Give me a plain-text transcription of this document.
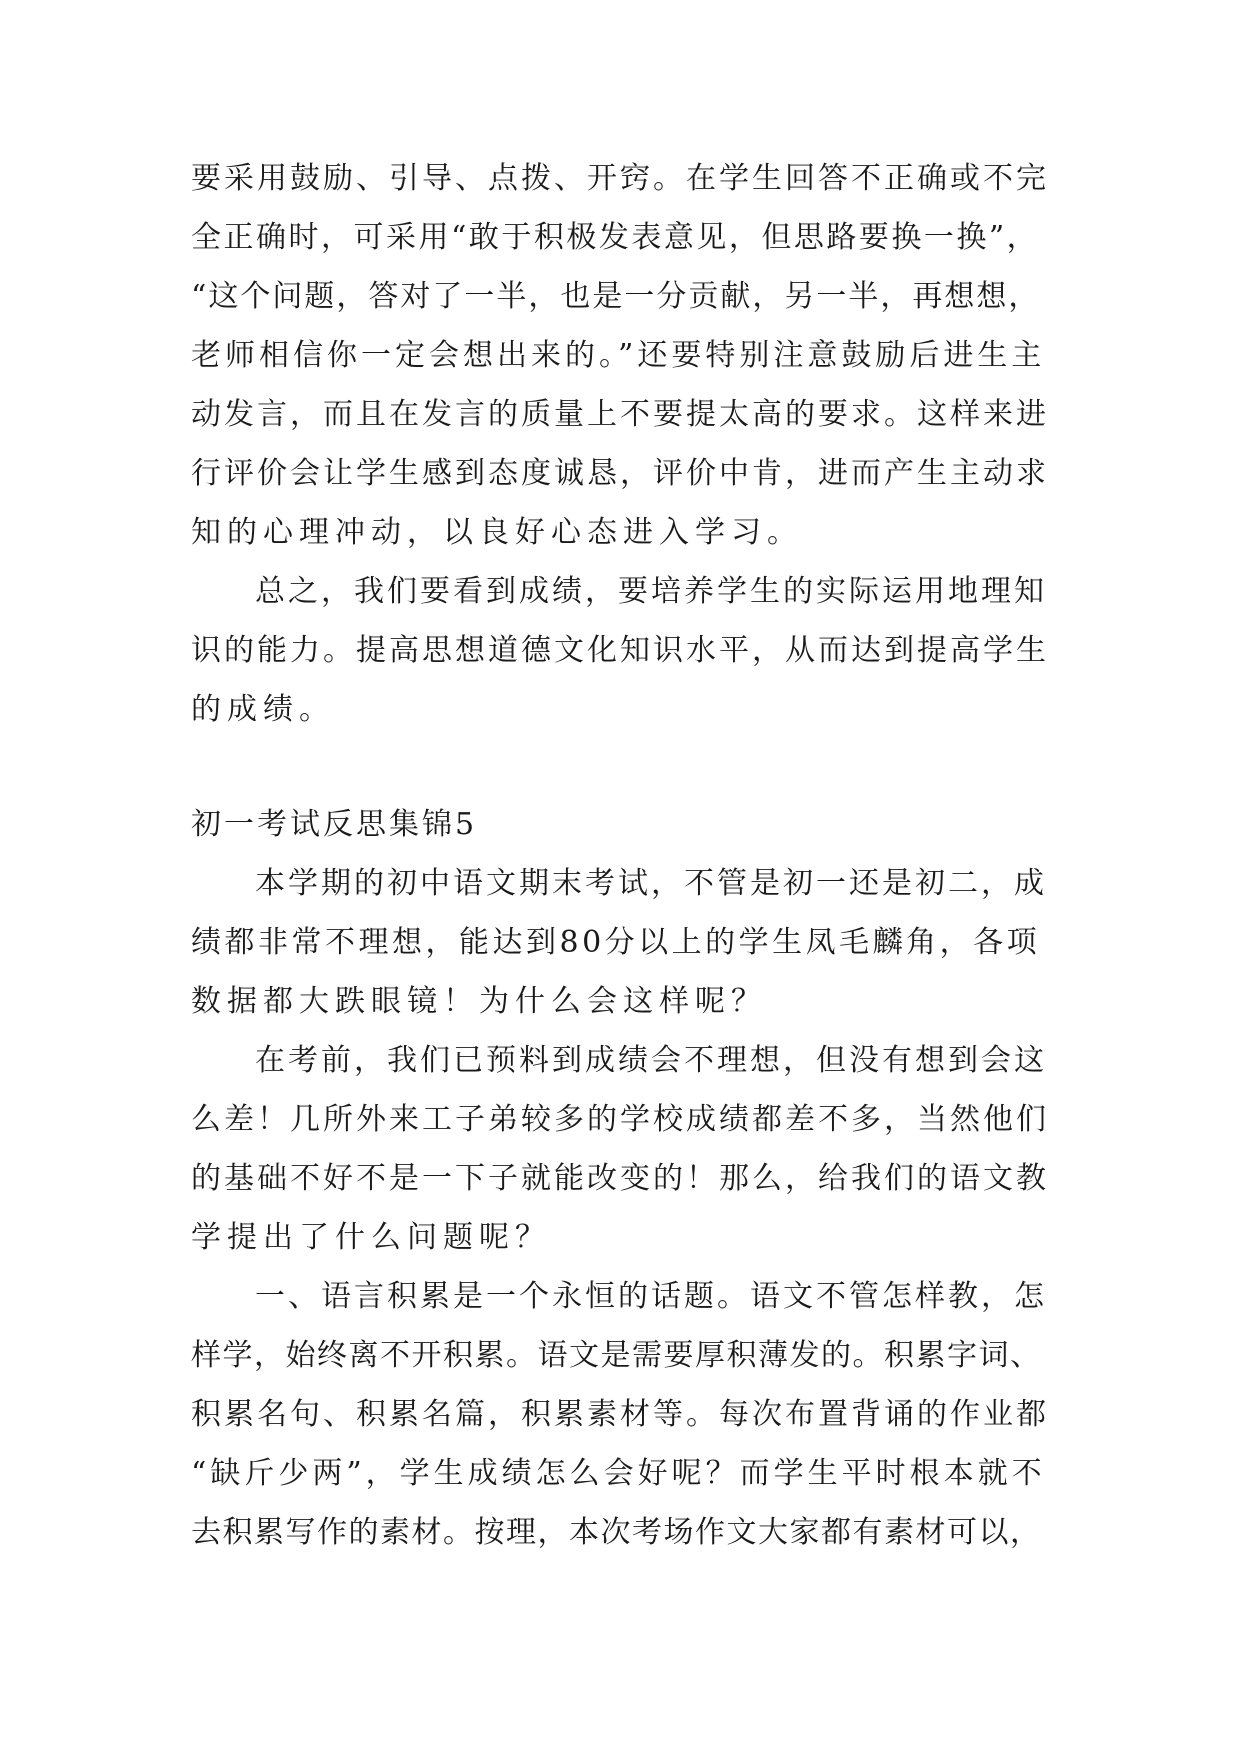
要采用鼓励、引导、点拨、开窍。在学生回答不正确或不完
全正确时，可采用“敢于积极发表意见，但思路要换一换”，
“这个问题，答对了一半，也是一分贡献，另一半，再想想，
老师相信你一定会想出来的。”还要特别注意鼓励后进生主
动发言，而且在发言的质量上不要提太高的要求。这样来进
行评价会让学生感到态度诚恳，评价中肯，进而产生主动求
知的心理冲动，以良好心态进入学习。
总之，我们要看到成绩，要培养学生的实际运用地理知
识的能力。提高思想道德文化知识水平，从而达到提高学生
的成绩。
初一考试反思集锦5
本学期的初中语文期末考试，不管是初一还是初二，成
绩都非常不理想，能达到80分以上的学生凤毛麟角，各项
数据都大跌眼镜！为什么会这样呢？
在考前，我们已预料到成绩会不理想，但没有想到会这
么差！几所外来工子弟较多的学校成绩都差不多，当然他们
的基础不好不是一下子就能改变的！那么，给我们的语文教
学提出了什么问题呢？
一、语言积累是一个永恒的话题。语文不管怎样教，怎
样学，始终离不开积累。语文是需要厚积薄发的。积累字词、
积累名句、积累名篇，积累素材等。每次布置背诵的作业都
“缺斤少两”，学生成绩怎么会好呢？而学生平时根本就不
去积累写作的素材。按理，本次考场作文大家都有素材可以，
